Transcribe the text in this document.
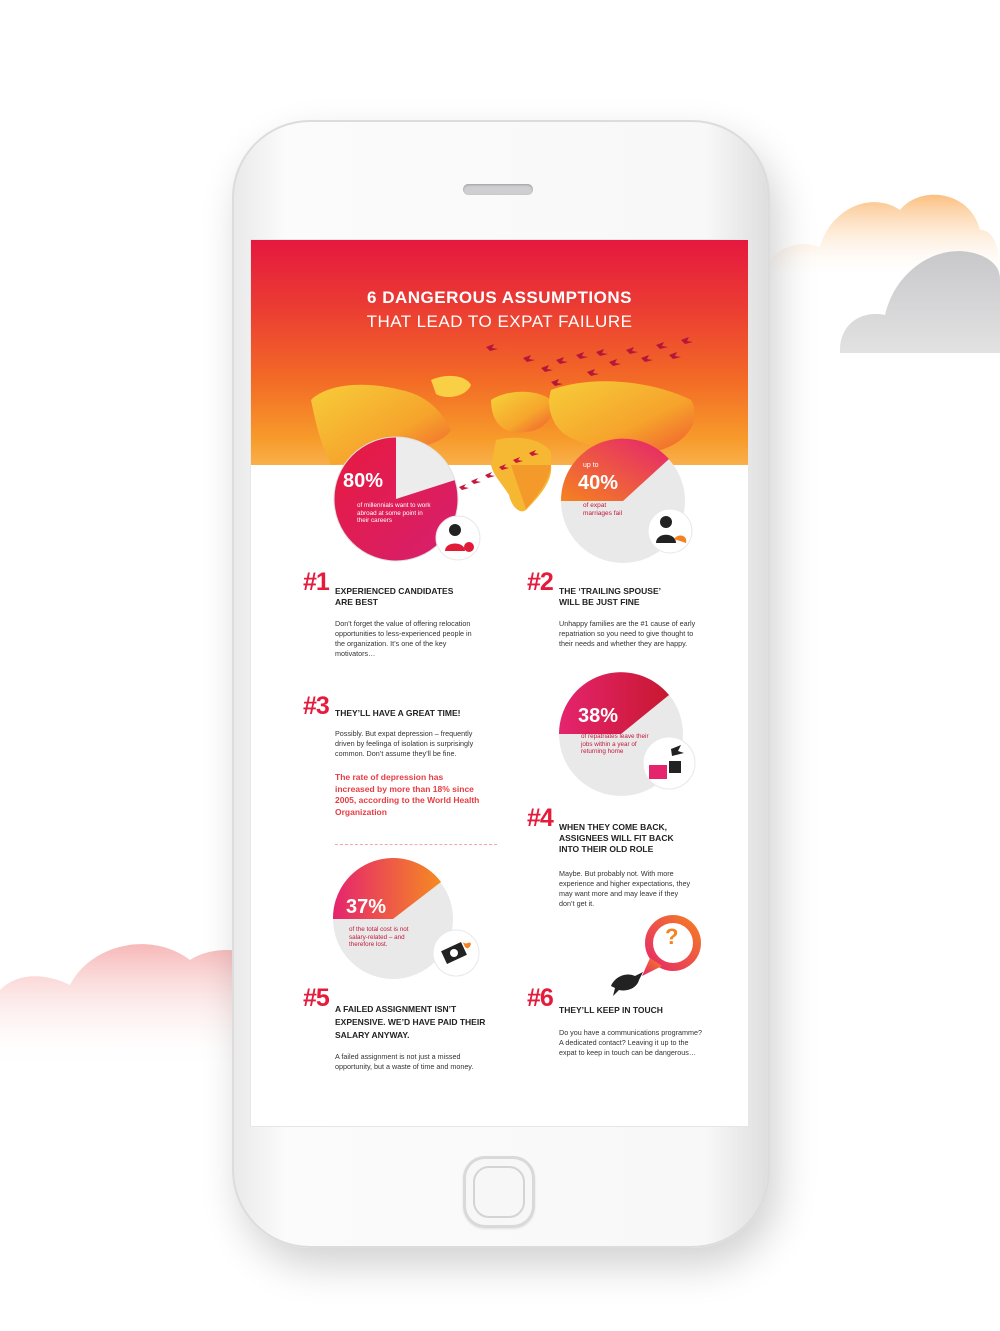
6 DANGEROUS ASSUMPTIONS
THAT LEAD TO EXPAT FAILURE
80%
of millennials want to work abroad at some point in their careers
up to
40%
of expat marriages fail
#1 EXPERIENCED CANDIDATES
ARE BEST
Don’t forget the value of offering relocation
opportunities to less-experienced people in
the organization. It’s one of the key
motivators…
#2 THE ‘TRAILING SPOUSE’
WILL BE JUST FINE
Unhappy families are the #1 cause of early
repatriation so you need to give thought to
their needs and whether they are happy.
#3 THEY’LL HAVE A GREAT TIME!
Possibly. But expat depression – frequently
driven by feelinga of isolation is surprisingly
common. Don’t assume they’ll be fine.
The rate of depression has
increased by more than 18% since
2005, according to the World Health
Organization
38%
of repatriates leave their jobs within a year of returning home
#4 WHEN THEY COME BACK,
ASSIGNEES WILL FIT BACK
INTO THEIR OLD ROLE
Maybe. But probably not. With more
experience and higher expectations, they
may want more and may leave if they
don’t get it.
37%
of the total cost is not salary-related – and therefore lost.
#5 A FAILED ASSIGNMENT ISN’T
EXPENSIVE. WE’D HAVE PAID THEIR
SALARY ANYWAY.
A failed assignment is not just a missed
opportunity, but a waste of time and money.
?
#6 THEY’LL KEEP IN TOUCH
Do you have a communications programme?
A dedicated contact? Leaving it up to the
expat to keep in touch can be dangerous…
